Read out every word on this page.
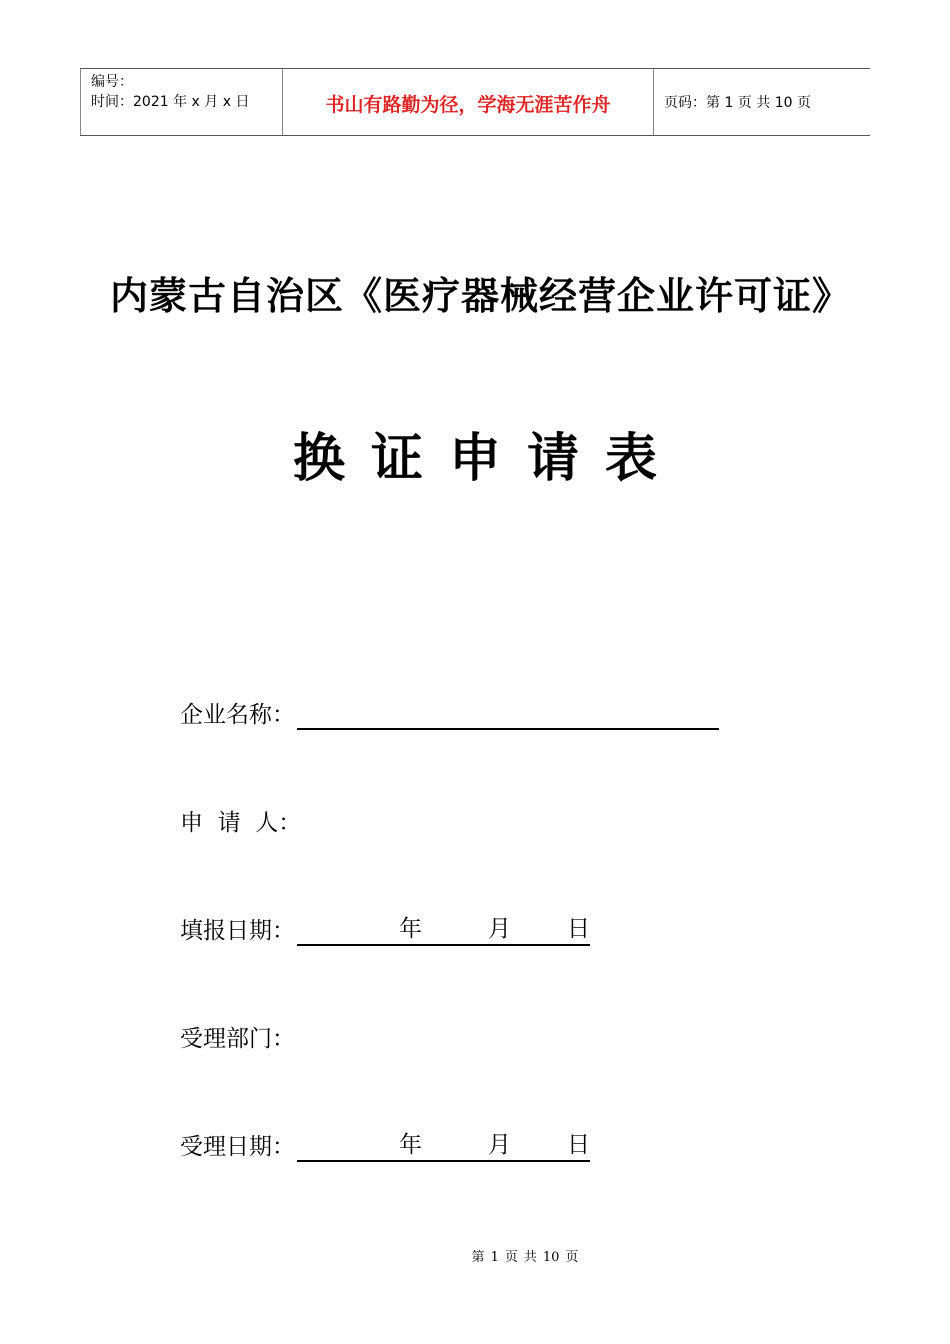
编号：
时间：2021 年 x 月 x 日	书山有路勤为径，学海无涯苦作舟	页码：第 1 页 共 10 页
内蒙古自治区《医疗器械经营企业许可证》
换 证 申 请 表
企业名称：
申  请  人：
填报日期：	年	月 日
受理部门：
受理日期：	年	月 日
第 1 页 共 10 页
